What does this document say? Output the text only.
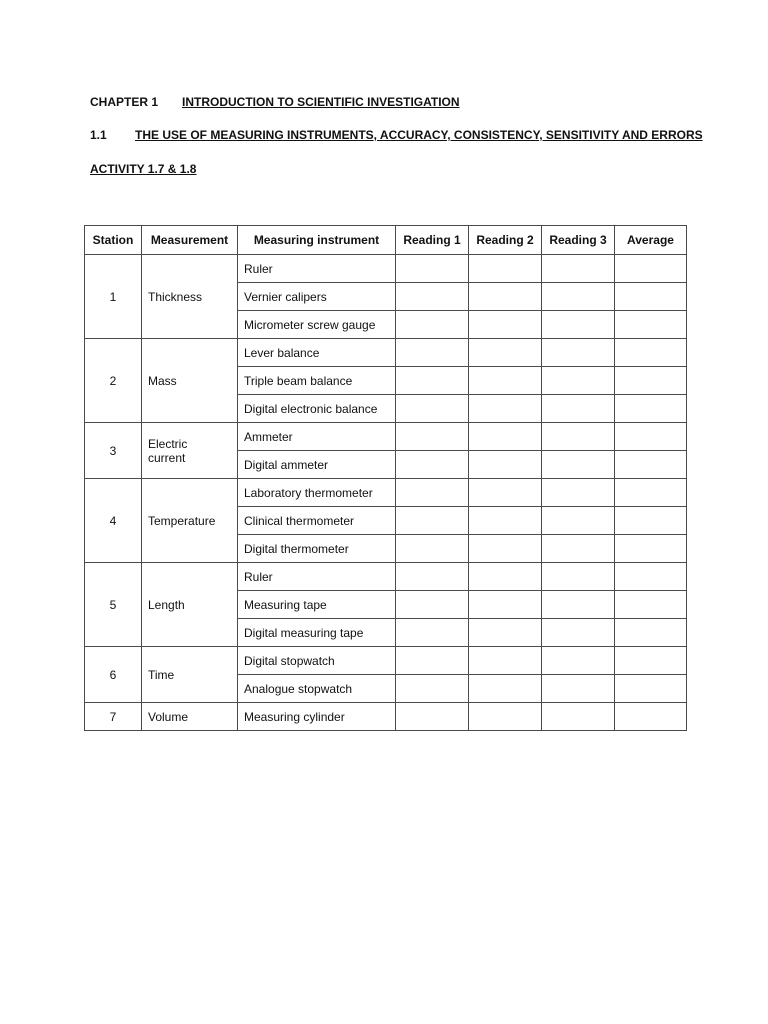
CHAPTER 1 INTRODUCTION TO SCIENTIFIC INVESTIGATION
1.1 THE USE OF MEASURING INSTRUMENTS, ACCURACY, CONSISTENCY, SENSITIVITY AND ERRORS
ACTIVITY 1.7 & 1.8
Station	Measurement	Measuring instrument	Reading 1	Reading 2	Reading 3	Average
1	Thickness	Ruler				
		Vernier calipers				
		Micrometer screw gauge				
2	Mass	Lever balance				
		Triple beam balance				
		Digital electronic balance				
3	Electric current	Ammeter				
		Digital ammeter				
4	Temperature	Laboratory thermometer				
		Clinical thermometer				
		Digital thermometer				
5	Length	Ruler				
		Measuring tape				
		Digital measuring tape				
6	Time	Digital stopwatch				
		Analogue stopwatch				
7	Volume	Measuring cylinder				
